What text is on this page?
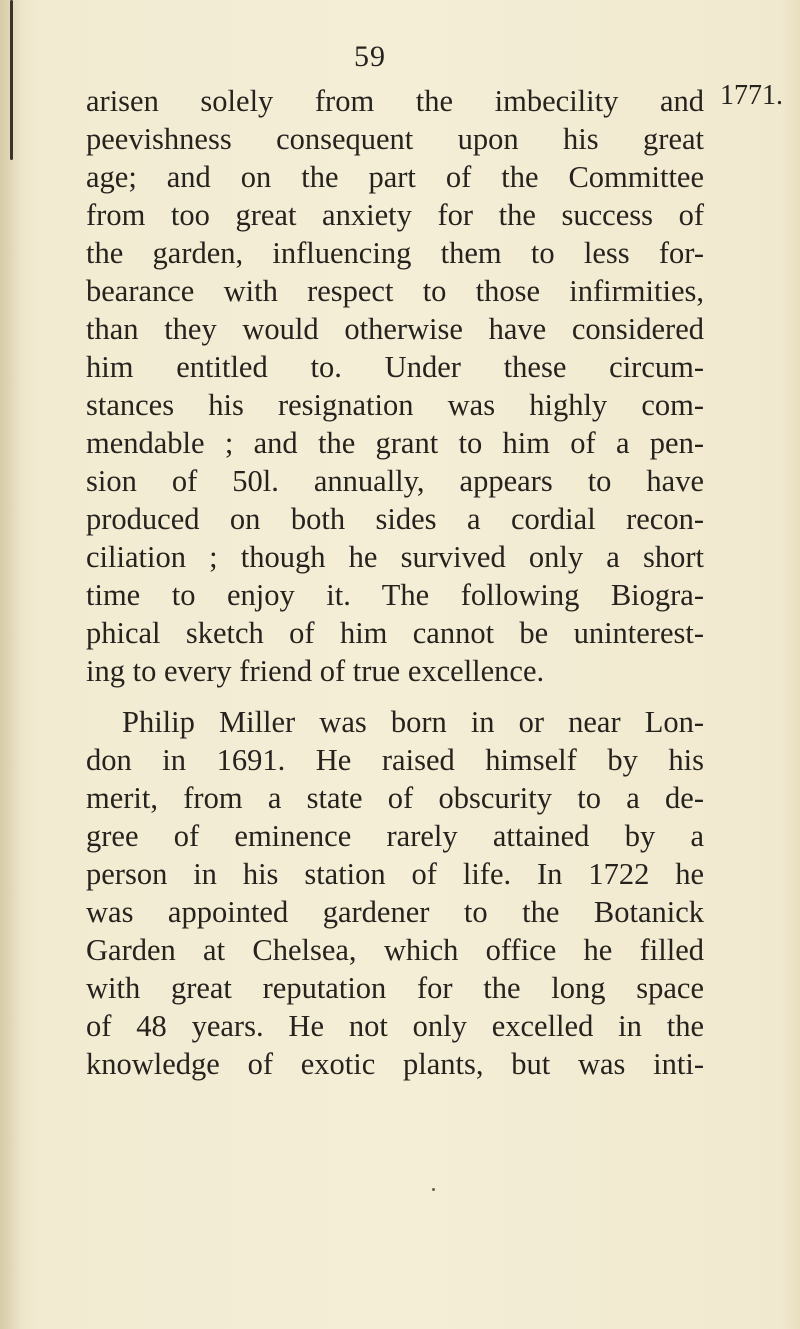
59
1771.
arisen solely from the imbecility and
peevishness consequent upon his great
age; and on the part of the Committee
from too great anxiety for the success of
the garden, influencing them to less for-
bearance with respect to those infirmities,
than they would otherwise have considered
him entitled to. Under these circum-
stances his resignation was highly com-
mendable ; and the grant to him of a pen-
sion of 50l. annually, appears to have
produced on both sides a cordial recon-
ciliation ; though he survived only a short
time to enjoy it. The following Biogra-
phical sketch of him cannot be uninterest-
ing to every friend of true excellence.
Philip Miller was born in or near Lon-
don in 1691. He raised himself by his
merit, from a state of obscurity to a de-
gree of eminence rarely attained by a
person in his station of life. In 1722 he
was appointed gardener to the Botanick
Garden at Chelsea, which office he filled
with great reputation for the long space
of 48 years. He not only excelled in the
knowledge of exotic plants, but was inti-
